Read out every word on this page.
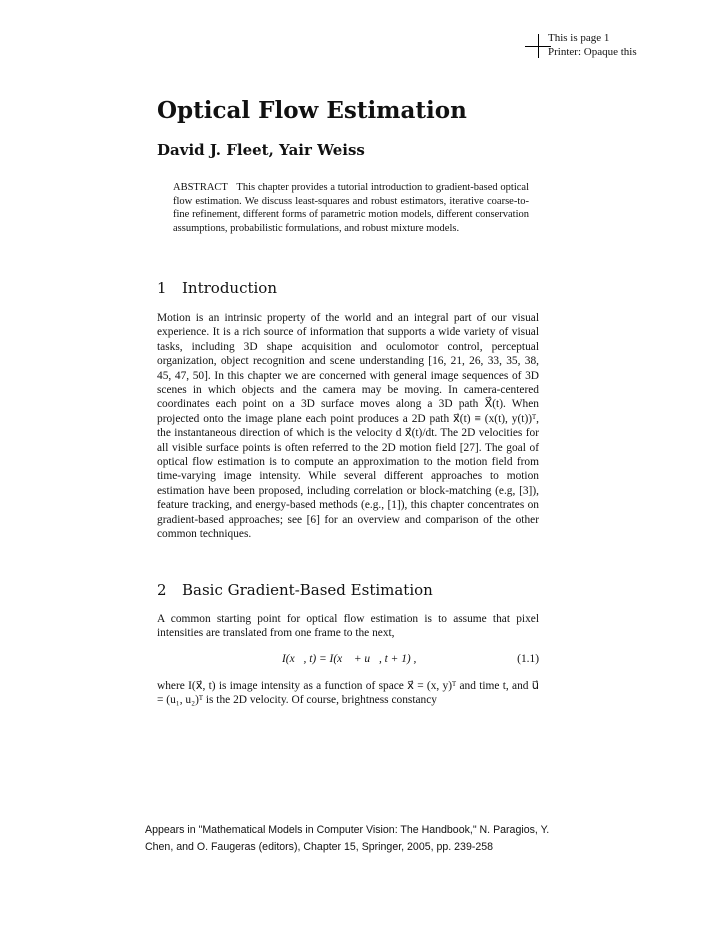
This is page 1
Printer: Opaque this
Optical Flow Estimation
David J. Fleet, Yair Weiss
ABSTRACT This chapter provides a tutorial introduction to gradient-based optical flow estimation. We discuss least-squares and robust estimators, iterative coarse-to-fine refinement, different forms of parametric motion models, different conservation assumptions, probabilistic formulations, and robust mixture models.
1 Introduction

Motion is an intrinsic property of the world and an integral part of our visual experience. It is a rich source of information that supports a wide variety of visual tasks, including 3D shape acquisition and oculomotor control, perceptual organization, object recognition and scene understanding [16, 21, 26, 33, 35, 38, 45, 47, 50]. In this chapter we are concerned with general image sequences of 3D scenes in which objects and the camera may be moving. In camera-centered coordinates each point on a 3D surface moves along a 3D path X⃗(t). When projected onto the image plane each point produces a 2D path x⃗(t) ≡ (x(t), y(t))ᵀ, the instantaneous direction of which is the velocity d x⃗(t)/dt. The 2D velocities for all visible surface points is often referred to the 2D motion field [27]. The goal of optical flow estimation is to compute an approximation to the motion field from time-varying image intensity. While several different approaches to motion estimation have been proposed, including correlation or block-matching (e.g, [3]), feature tracking, and energy-based methods (e.g., [1]), this chapter concentrates on gradient-based approaches; see [6] for an overview and comparison of the other common techniques.

2 Basic Gradient-Based Estimation

A common starting point for optical flow estimation is to assume that pixel intensities are translated from one frame to the next,

I(x⃗, t) = I(x⃗ + u⃗, t + 1) ,	(1.1)

where I(x⃗, t) is image intensity as a function of space x⃗ = (x, y)ᵀ and time t, and u⃗ = (u₁, u₂)ᵀ is the 2D velocity. Of course, brightness constancy

Appears in "Mathematical Models in Computer Vision: The Handbook," N. Paragios, Y. Chen, and O. Faugeras (editors), Chapter 15, Springer, 2005, pp. 239-258
